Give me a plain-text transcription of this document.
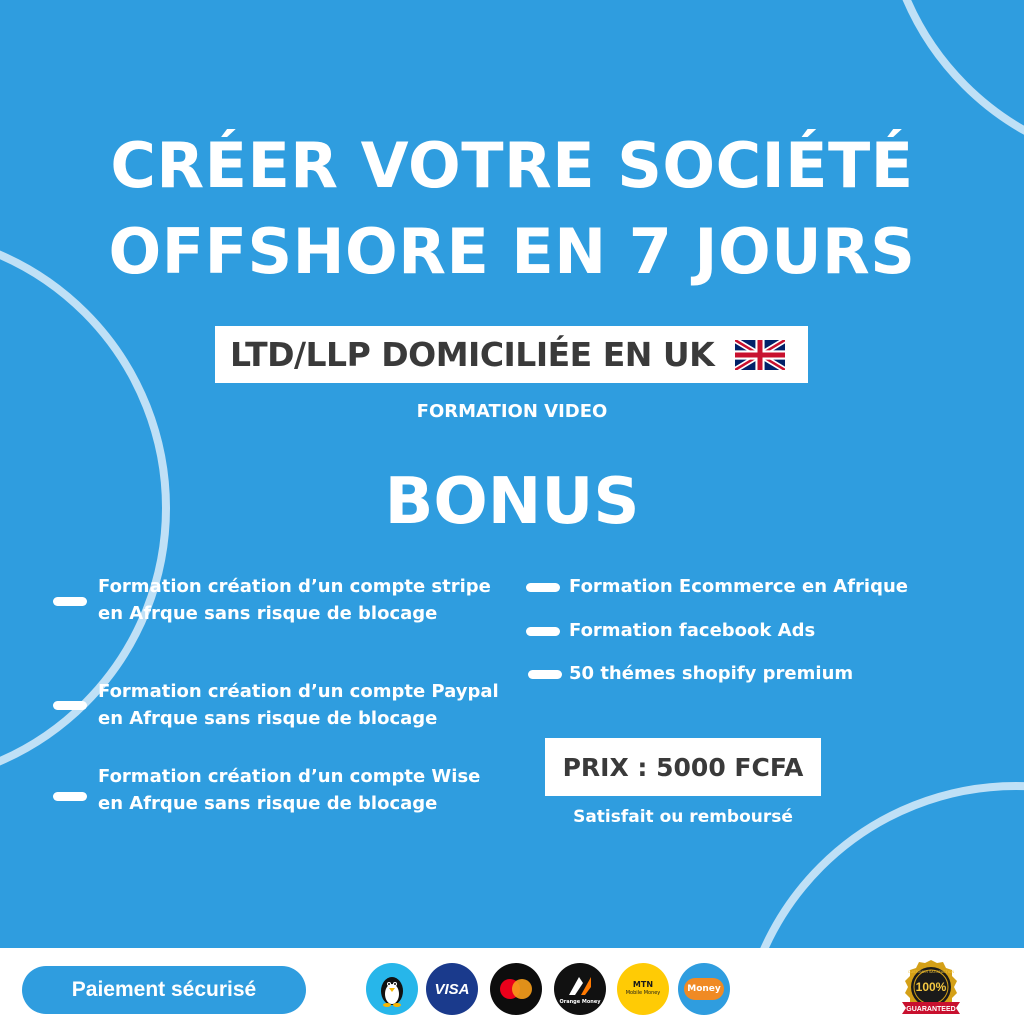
CRÉER VOTRE SOCIÉTÉ
OFFSHORE EN 7 JOURS
LTD/LLP DOMICILIÉE EN UK
FORMATION VIDEO
BONUS
Formation création d’un compte stripe
en Afrque sans risque de blocage
Formation création d’un compte Paypal
en Afrque sans risque de blocage
Formation création d’un compte Wise
en Afrque sans risque de blocage
Formation Ecommerce en Afrique
Formation facebook Ads
50 thémes shopify premium
PRIX : 5000 FCFA
Satisfait ou remboursé
Paiement sécurisé	VISA
Orange Money
MTN
Mobile Money	Money	100%
CUSTOMER SATISFACTION
GUARANTEED
